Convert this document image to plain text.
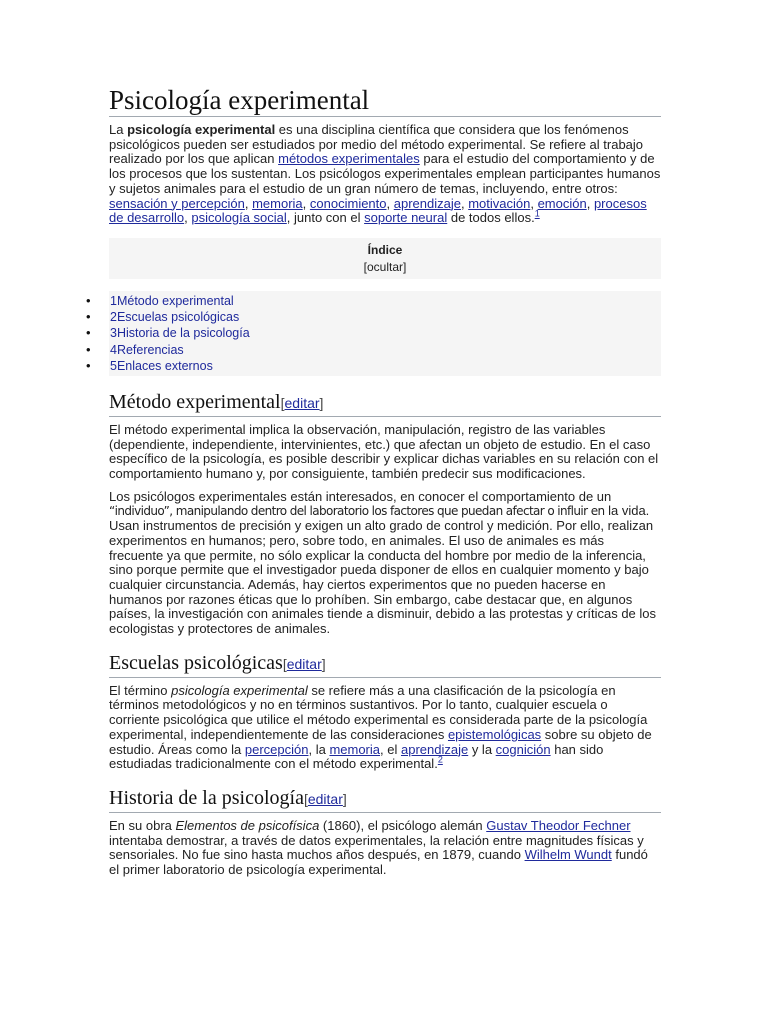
Psicología experimental

La psicología experimental es una disciplina científica que considera que los fenómenos psicológicos pueden ser estudiados por medio del método experimental. Se refiere al trabajo realizado por los que aplican métodos experimentales para el estudio del comportamiento y de los procesos que los sustentan. Los psicólogos experimentales emplean participantes humanos y sujetos animales para el estudio de un gran número de temas, incluyendo, entre otros: sensación y percepción, memoria, conocimiento, aprendizaje, motivación, emoción, procesos de desarrollo, psicología social, junto con el soporte neural de todos ellos.$^1$

Índice
[ocultar]
• 1Método experimental
• 2Escuelas psicológicas
• 3Historia de la psicología
• 4Referencias
• 5Enlaces externos
Método experimental[editar]

El método experimental implica la observación, manipulación, registro de las variables (dependiente, independiente, intervinientes, etc.) que afectan un objeto de estudio. En el caso específico de la psicología, es posible describir y explicar dichas variables en su relación con el comportamiento humano y, por consiguiente, también predecir sus modificaciones.

Los psicólogos experimentales están interesados, en conocer el comportamiento de un “individuo”, manipulando dentro del laboratorio los factores que puedan afectar o influir en la vida. Usan instrumentos de precisión y exigen un alto grado de control y medición. Por ello, realizan experimentos en humanos; pero, sobre todo, en animales. El uso de animales es más frecuente ya que permite, no sólo explicar la conducta del hombre por medio de la inferencia, sino porque permite que el investigador pueda disponer de ellos en cualquier momento y bajo cualquier circunstancia. Además, hay ciertos experimentos que no pueden hacerse en humanos por razones éticas que lo prohíben. Sin embargo, cabe destacar que, en algunos países, la investigación con animales tiende a disminuir, debido a las protestas y críticas de los ecologistas y protectores de animales.

Escuelas psicológicas[editar]

El término psicología experimental se refiere más a una clasificación de la psicología en términos metodológicos y no en términos sustantivos. Por lo tanto, cualquier escuela o corriente psicológica que utilice el método experimental es considerada parte de la psicología experimental, independientemente de las consideraciones epistemológicas sobre su objeto de estudio. Áreas como la percepción, la memoria, el aprendizaje y la cognición han sido estudiadas tradicionalmente con el método experimental.$^2$

Historia de la psicología[editar]

En su obra Elementos de psicofísica (1860), el psicólogo alemán Gustav Theodor Fechner intentaba demostrar, a través de datos experimentales, la relación entre magnitudes físicas y sensoriales. No fue sino hasta muchos años después, en 1879, cuando Wilhelm Wundt fundó el primer laboratorio de psicología experimental.
